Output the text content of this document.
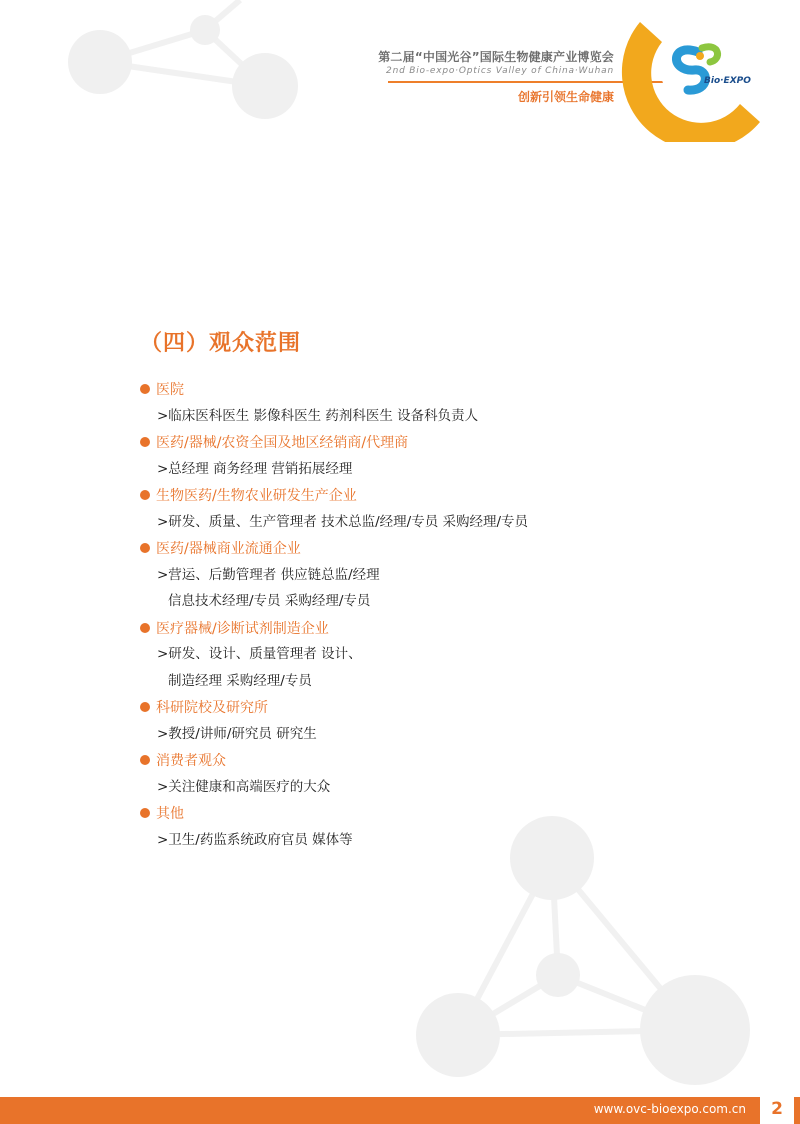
第二届“中国光谷”国际生物健康产业博览会
2nd Bio-expo·Optics Valley of China·Wuhan
创新引领生命健康
Bio·EXPO
（四）观众范围
医院
>临床医科医生 影像科医生 药剂科医生 设备科负责人
医药/器械/农资全国及地区经销商/代理商
>总经理 商务经理 营销拓展经理
生物医药/生物农业研发生产企业
>研发、质量、生产管理者 技术总监/经理/专员 采购经理/专员
医药/器械商业流通企业
>营运、后勤管理者 供应链总监/经理
信息技术经理/专员 采购经理/专员
医疗器械/诊断试剂制造企业
>研发、设计、质量管理者 设计、
制造经理 采购经理/专员
科研院校及研究所
>教授/讲师/研究员 研究生
消费者观众
>关注健康和高端医疗的大众
其他
>卫生/药监系统政府官员 媒体等
www.ovc-bioexpo.com.cn	2
